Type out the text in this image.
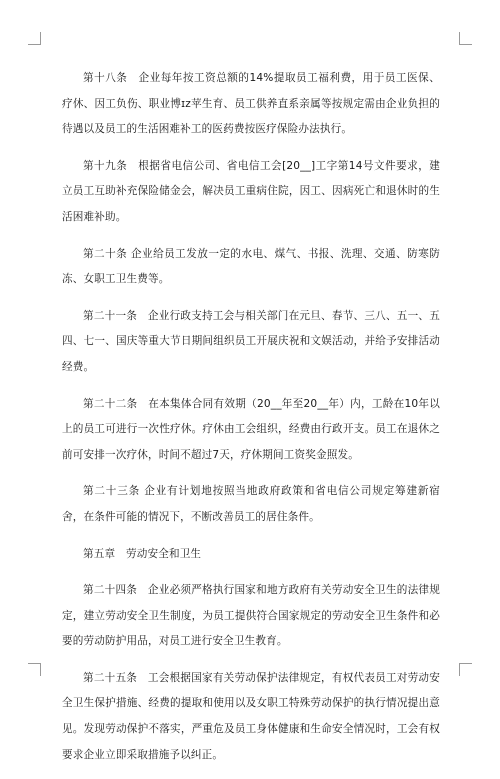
第十八条　企业每年按工资总额的14%提取员工福利费，用于员工医保、疗休、因工负伤、职业博ɪz苹生育、员工供养直系亲属等按规定需由企业负担的待遇以及员工的生活困难补工的医药费按医疗保险办法执行。

第十九条　根据省电信公司、省电信工会[20__]工字第14号文件要求，建立员工互助补充保险储金会，解决员工重病住院，因工、因病死亡和退休时的生活困难补助。

第二十条 企业给员工发放一定的水电、煤气、书报、洗理、交通、防寒防冻、女职工卫生费等。

第二十一条　企业行政支持工会与相关部门在元旦、春节、三八、五一、五四、七一、国庆等重大节日期间组织员工开展庆祝和文娱活动，并给予安排活动经费。

第二十二条　在本集体合同有效期（20__年至20__年）内，工龄在10年以上的员工可进行一次性疗休。疗休由工会组织，经费由行政开支。员工在退休之前可安排一次疗休，时间不超过7天，疗休期间工资奖金照发。

第二十三条 企业有计划地按照当地政府政策和省电信公司规定筹建新宿舍，在条件可能的情况下，不断改善员工的居住条件。

第五章　劳动安全和卫生

第二十四条　企业必须严格执行国家和地方政府有关劳动安全卫生的法律规定，建立劳动安全卫生制度，为员工提供符合国家规定的劳动安全卫生条件和必要的劳动防护用品，对员工进行安全卫生教育。

第二十五条　工会根据国家有关劳动保护法律规定，有权代表员工对劳动安全卫生保护措施、经费的提取和使用以及女职工特殊劳动保护的执行情况提出意见。发现劳动保护不落实，严重危及员工身体健康和生命安全情况时，工会有权要求企业立即采取措施予以纠正。
